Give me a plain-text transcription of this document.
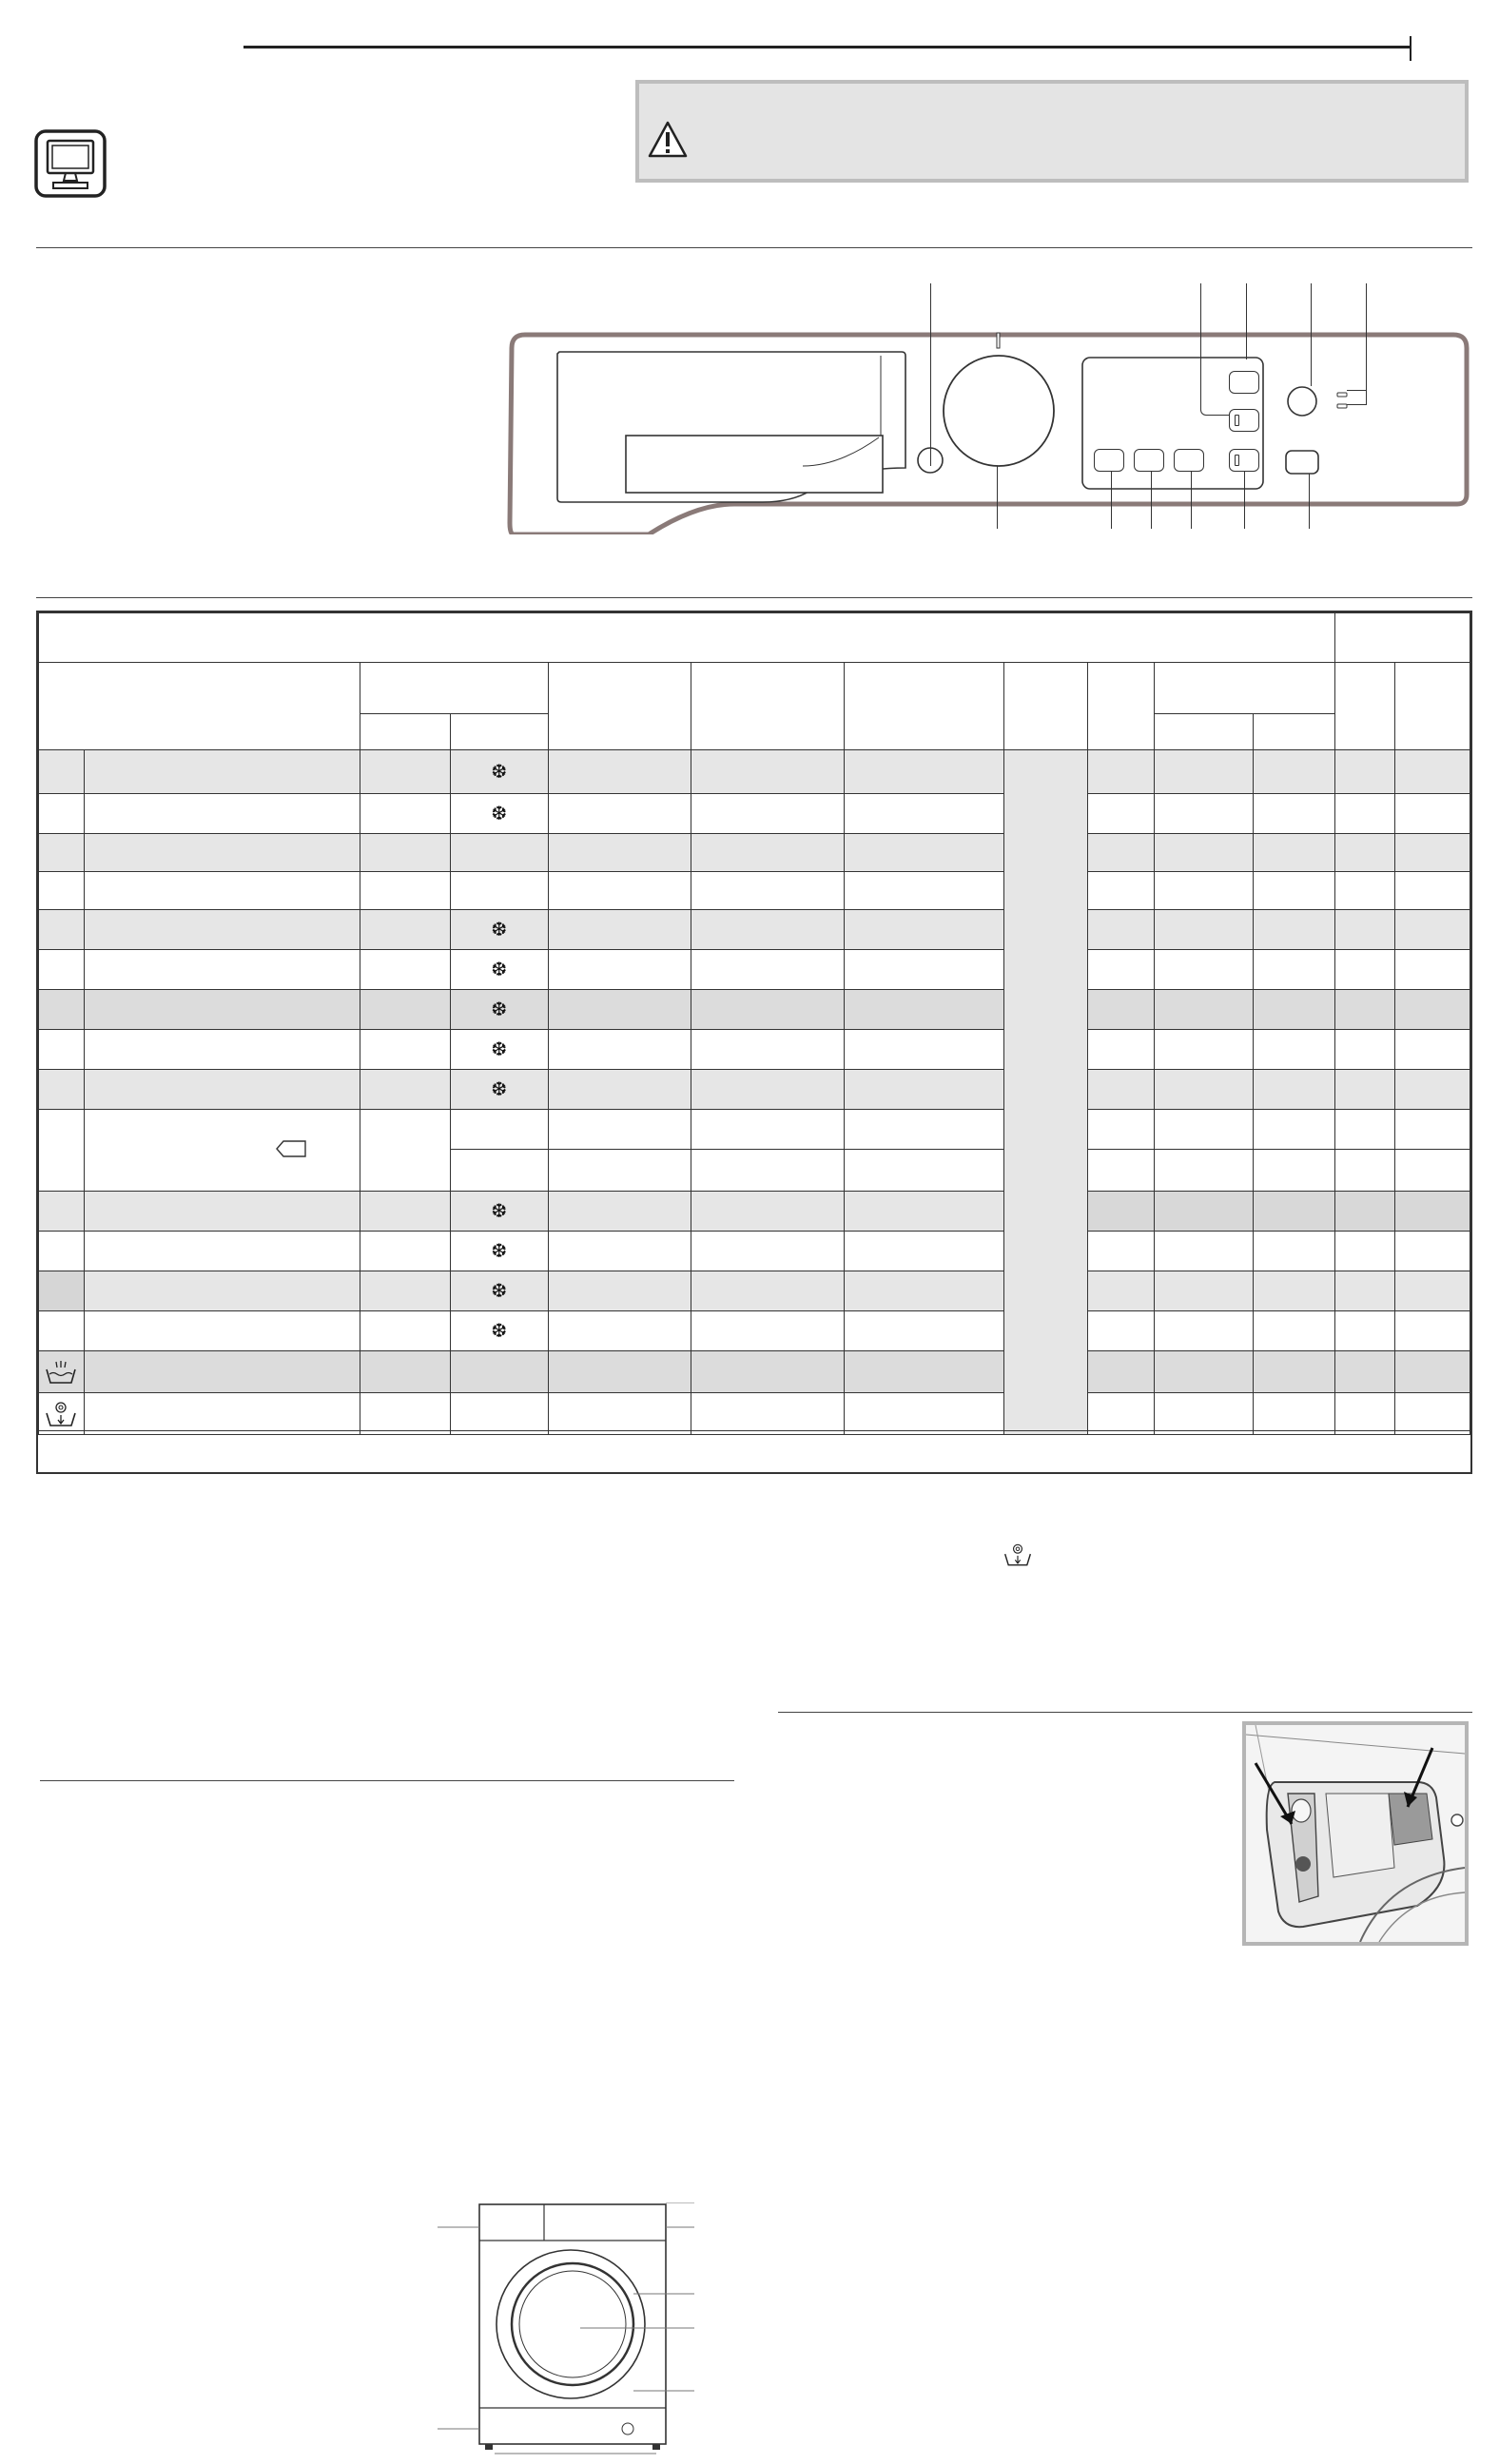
			❆									
			❆									

			❆									
			❆									
			❆									
			❆									
			❆									

			❆									
			❆									
			❆									
			❆									
